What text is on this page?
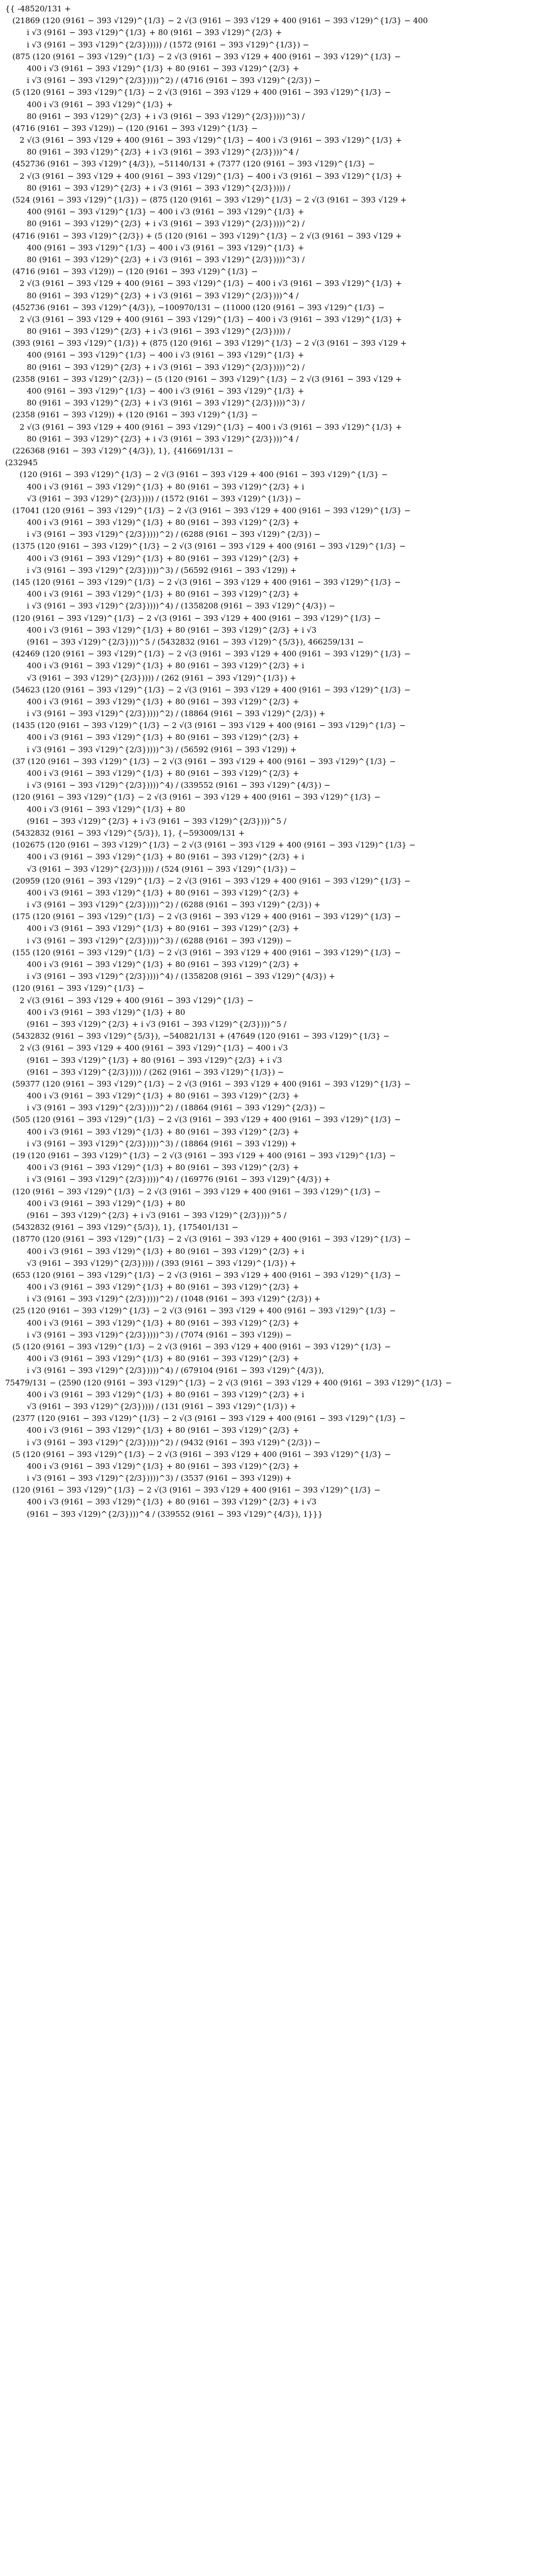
{{ -48520/131 +
(21869 (120 (9161 − 393 √129)^{1/3} − 2 √(3 (9161 − 393 √129 + 400 (9161 − 393 √129)^{1/3} − 400
i √3 (9161 − 393 √129)^{1/3} + 80 (9161 − 393 √129)^{2/3} +
i √3 (9161 − 393 √129)^{2/3}))))) / (1572 (9161 − 393 √129)^{1/3}) −
(875 (120 (9161 − 393 √129)^{1/3} − 2 √(3 (9161 − 393 √129 + 400 (9161 − 393 √129)^{1/3} −
400 i √3 (9161 − 393 √129)^{1/3} + 80 (9161 − 393 √129)^{2/3} +
i √3 (9161 − 393 √129)^{2/3}))))^2) / (4716 (9161 − 393 √129)^{2/3}) −
(5 (120 (9161 − 393 √129)^{1/3} − 2 √(3 (9161 − 393 √129 + 400 (9161 − 393 √129)^{1/3} −
400 i √3 (9161 − 393 √129)^{1/3} +
80 (9161 − 393 √129)^{2/3} + i √3 (9161 − 393 √129)^{2/3}))))^3) /
(4716 (9161 − 393 √129)) − (120 (9161 − 393 √129)^{1/3} −
2 √(3 (9161 − 393 √129 + 400 (9161 − 393 √129)^{1/3} − 400 i √3 (9161 − 393 √129)^{1/3} +
80 (9161 − 393 √129)^{2/3} + i √3 (9161 − 393 √129)^{2/3})))^4 /
(452736 (9161 − 393 √129)^{4/3}), −51140/131 + (7377 (120 (9161 − 393 √129)^{1/3} −
2 √(3 (9161 − 393 √129 + 400 (9161 − 393 √129)^{1/3} − 400 i √3 (9161 − 393 √129)^{1/3} +
80 (9161 − 393 √129)^{2/3} + i √3 (9161 − 393 √129)^{2/3})))) /
(524 (9161 − 393 √129)^{1/3}) − (875 (120 (9161 − 393 √129)^{1/3} − 2 √(3 (9161 − 393 √129 +
400 (9161 − 393 √129)^{1/3} − 400 i √3 (9161 − 393 √129)^{1/3} +
80 (9161 − 393 √129)^{2/3} + i √3 (9161 − 393 √129)^{2/3}))))^2) /
(4716 (9161 − 393 √129)^{2/3}) + (5 (120 (9161 − 393 √129)^{1/3} − 2 √(3 (9161 − 393 √129 +
400 (9161 − 393 √129)^{1/3} − 400 i √3 (9161 − 393 √129)^{1/3} +
80 (9161 − 393 √129)^{2/3} + i √3 (9161 − 393 √129)^{2/3}))))^3) /
(4716 (9161 − 393 √129)) − (120 (9161 − 393 √129)^{1/3} −
2 √(3 (9161 − 393 √129 + 400 (9161 − 393 √129)^{1/3} − 400 i √3 (9161 − 393 √129)^{1/3} +
80 (9161 − 393 √129)^{2/3} + i √3 (9161 − 393 √129)^{2/3})))^4 /
(452736 (9161 − 393 √129)^{4/3}), −100970/131 − (11000 (120 (9161 − 393 √129)^{1/3} −
2 √(3 (9161 − 393 √129 + 400 (9161 − 393 √129)^{1/3} − 400 i √3 (9161 − 393 √129)^{1/3} +
80 (9161 − 393 √129)^{2/3} + i √3 (9161 − 393 √129)^{2/3})))) /
(393 (9161 − 393 √129)^{1/3}) + (875 (120 (9161 − 393 √129)^{1/3} − 2 √(3 (9161 − 393 √129 +
400 (9161 − 393 √129)^{1/3} − 400 i √3 (9161 − 393 √129)^{1/3} +
80 (9161 − 393 √129)^{2/3} + i √3 (9161 − 393 √129)^{2/3}))))^2) /
(2358 (9161 − 393 √129)^{2/3}) − (5 (120 (9161 − 393 √129)^{1/3} − 2 √(3 (9161 − 393 √129 +
400 (9161 − 393 √129)^{1/3} − 400 i √3 (9161 − 393 √129)^{1/3} +
80 (9161 − 393 √129)^{2/3} + i √3 (9161 − 393 √129)^{2/3}))))^3) /
(2358 (9161 − 393 √129)) + (120 (9161 − 393 √129)^{1/3} −
2 √(3 (9161 − 393 √129 + 400 (9161 − 393 √129)^{1/3} − 400 i √3 (9161 − 393 √129)^{1/3} +
80 (9161 − 393 √129)^{2/3} + i √3 (9161 − 393 √129)^{2/3})))^4 /
(226368 (9161 − 393 √129)^{4/3}), 1}, {416691/131 −
(232945
(120 (9161 − 393 √129)^{1/3} − 2 √(3 (9161 − 393 √129 + 400 (9161 − 393 √129)^{1/3} −
400 i √3 (9161 − 393 √129)^{1/3} + 80 (9161 − 393 √129)^{2/3} + i
√3 (9161 − 393 √129)^{2/3})))) / (1572 (9161 − 393 √129)^{1/3}) −
(17041 (120 (9161 − 393 √129)^{1/3} − 2 √(3 (9161 − 393 √129 + 400 (9161 − 393 √129)^{1/3} −
400 i √3 (9161 − 393 √129)^{1/3} + 80 (9161 − 393 √129)^{2/3} +
i √3 (9161 − 393 √129)^{2/3}))))^2) / (6288 (9161 − 393 √129)^{2/3}) −
(1375 (120 (9161 − 393 √129)^{1/3} − 2 √(3 (9161 − 393 √129 + 400 (9161 − 393 √129)^{1/3} −
400 i √3 (9161 − 393 √129)^{1/3} + 80 (9161 − 393 √129)^{2/3} +
i √3 (9161 − 393 √129)^{2/3}))))^3) / (56592 (9161 − 393 √129)) +
(145 (120 (9161 − 393 √129)^{1/3} − 2 √(3 (9161 − 393 √129 + 400 (9161 − 393 √129)^{1/3} −
400 i √3 (9161 − 393 √129)^{1/3} + 80 (9161 − 393 √129)^{2/3} +
i √3 (9161 − 393 √129)^{2/3}))))^4) / (1358208 (9161 − 393 √129)^{4/3}) −
(120 (9161 − 393 √129)^{1/3} − 2 √(3 (9161 − 393 √129 + 400 (9161 − 393 √129)^{1/3} −
400 i √3 (9161 − 393 √129)^{1/3} + 80 (9161 − 393 √129)^{2/3} + i √3
(9161 − 393 √129)^{2/3})))^5 / (5432832 (9161 − 393 √129)^{5/3}), 466259/131 −
(42469 (120 (9161 − 393 √129)^{1/3} − 2 √(3 (9161 − 393 √129 + 400 (9161 − 393 √129)^{1/3} −
400 i √3 (9161 − 393 √129)^{1/3} + 80 (9161 − 393 √129)^{2/3} + i
√3 (9161 − 393 √129)^{2/3})))) / (262 (9161 − 393 √129)^{1/3}) +
(54623 (120 (9161 − 393 √129)^{1/3} − 2 √(3 (9161 − 393 √129 + 400 (9161 − 393 √129)^{1/3} −
400 i √3 (9161 − 393 √129)^{1/3} + 80 (9161 − 393 √129)^{2/3} +
i √3 (9161 − 393 √129)^{2/3}))))^2) / (18864 (9161 − 393 √129)^{2/3}) +
(1435 (120 (9161 − 393 √129)^{1/3} − 2 √(3 (9161 − 393 √129 + 400 (9161 − 393 √129)^{1/3} −
400 i √3 (9161 − 393 √129)^{1/3} + 80 (9161 − 393 √129)^{2/3} +
i √3 (9161 − 393 √129)^{2/3}))))^3) / (56592 (9161 − 393 √129)) +
(37 (120 (9161 − 393 √129)^{1/3} − 2 √(3 (9161 − 393 √129 + 400 (9161 − 393 √129)^{1/3} −
400 i √3 (9161 − 393 √129)^{1/3} + 80 (9161 − 393 √129)^{2/3} +
i √3 (9161 − 393 √129)^{2/3}))))^4) / (339552 (9161 − 393 √129)^{4/3}) −
(120 (9161 − 393 √129)^{1/3} − 2 √(3 (9161 − 393 √129 + 400 (9161 − 393 √129)^{1/3} −
400 i √3 (9161 − 393 √129)^{1/3} + 80
(9161 − 393 √129)^{2/3} + i √3 (9161 − 393 √129)^{2/3})))^5 /
(5432832 (9161 − 393 √129)^{5/3}), 1}, {−593009/131 +
(102675 (120 (9161 − 393 √129)^{1/3} − 2 √(3 (9161 − 393 √129 + 400 (9161 − 393 √129)^{1/3} −
400 i √3 (9161 − 393 √129)^{1/3} + 80 (9161 − 393 √129)^{2/3} + i
√3 (9161 − 393 √129)^{2/3})))) / (524 (9161 − 393 √129)^{1/3}) −
(20959 (120 (9161 − 393 √129)^{1/3} − 2 √(3 (9161 − 393 √129 + 400 (9161 − 393 √129)^{1/3} −
400 i √3 (9161 − 393 √129)^{1/3} + 80 (9161 − 393 √129)^{2/3} +
i √3 (9161 − 393 √129)^{2/3}))))^2) / (6288 (9161 − 393 √129)^{2/3}) +
(175 (120 (9161 − 393 √129)^{1/3} − 2 √(3 (9161 − 393 √129 + 400 (9161 − 393 √129)^{1/3} −
400 i √3 (9161 − 393 √129)^{1/3} + 80 (9161 − 393 √129)^{2/3} +
i √3 (9161 − 393 √129)^{2/3}))))^3) / (6288 (9161 − 393 √129)) −
(155 (120 (9161 − 393 √129)^{1/3} − 2 √(3 (9161 − 393 √129 + 400 (9161 − 393 √129)^{1/3} −
400 i √3 (9161 − 393 √129)^{1/3} + 80 (9161 − 393 √129)^{2/3} +
i √3 (9161 − 393 √129)^{2/3}))))^4) / (1358208 (9161 − 393 √129)^{4/3}) +
(120 (9161 − 393 √129)^{1/3} −
2 √(3 (9161 − 393 √129 + 400 (9161 − 393 √129)^{1/3} −
400 i √3 (9161 − 393 √129)^{1/3} + 80
(9161 − 393 √129)^{2/3} + i √3 (9161 − 393 √129)^{2/3})))^5 /
(5432832 (9161 − 393 √129)^{5/3}), −540821/131 + (47649 (120 (9161 − 393 √129)^{1/3} −
2 √(3 (9161 − 393 √129 + 400 (9161 − 393 √129)^{1/3} − 400 i √3
(9161 − 393 √129)^{1/3} + 80 (9161 − 393 √129)^{2/3} + i √3
(9161 − 393 √129)^{2/3})))) / (262 (9161 − 393 √129)^{1/3}) −
(59377 (120 (9161 − 393 √129)^{1/3} − 2 √(3 (9161 − 393 √129 + 400 (9161 − 393 √129)^{1/3} −
400 i √3 (9161 − 393 √129)^{1/3} + 80 (9161 − 393 √129)^{2/3} +
i √3 (9161 − 393 √129)^{2/3}))))^2) / (18864 (9161 − 393 √129)^{2/3}) −
(505 (120 (9161 − 393 √129)^{1/3} − 2 √(3 (9161 − 393 √129 + 400 (9161 − 393 √129)^{1/3} −
400 i √3 (9161 − 393 √129)^{1/3} + 80 (9161 − 393 √129)^{2/3} +
i √3 (9161 − 393 √129)^{2/3}))))^3) / (18864 (9161 − 393 √129)) +
(19 (120 (9161 − 393 √129)^{1/3} − 2 √(3 (9161 − 393 √129 + 400 (9161 − 393 √129)^{1/3} −
400 i √3 (9161 − 393 √129)^{1/3} + 80 (9161 − 393 √129)^{2/3} +
i √3 (9161 − 393 √129)^{2/3}))))^4) / (169776 (9161 − 393 √129)^{4/3}) +
(120 (9161 − 393 √129)^{1/3} − 2 √(3 (9161 − 393 √129 + 400 (9161 − 393 √129)^{1/3} −
400 i √3 (9161 − 393 √129)^{1/3} + 80
(9161 − 393 √129)^{2/3} + i √3 (9161 − 393 √129)^{2/3})))^5 /
(5432832 (9161 − 393 √129)^{5/3}), 1}, {175401/131 −
(18770 (120 (9161 − 393 √129)^{1/3} − 2 √(3 (9161 − 393 √129 + 400 (9161 − 393 √129)^{1/3} −
400 i √3 (9161 − 393 √129)^{1/3} + 80 (9161 − 393 √129)^{2/3} + i
√3 (9161 − 393 √129)^{2/3})))) / (393 (9161 − 393 √129)^{1/3}) +
(653 (120 (9161 − 393 √129)^{1/3} − 2 √(3 (9161 − 393 √129 + 400 (9161 − 393 √129)^{1/3} −
400 i √3 (9161 − 393 √129)^{1/3} + 80 (9161 − 393 √129)^{2/3} +
i √3 (9161 − 393 √129)^{2/3}))))^2) / (1048 (9161 − 393 √129)^{2/3}) +
(25 (120 (9161 − 393 √129)^{1/3} − 2 √(3 (9161 − 393 √129 + 400 (9161 − 393 √129)^{1/3} −
400 i √3 (9161 − 393 √129)^{1/3} + 80 (9161 − 393 √129)^{2/3} +
i √3 (9161 − 393 √129)^{2/3}))))^3) / (7074 (9161 − 393 √129)) −
(5 (120 (9161 − 393 √129)^{1/3} − 2 √(3 (9161 − 393 √129 + 400 (9161 − 393 √129)^{1/3} −
400 i √3 (9161 − 393 √129)^{1/3} + 80 (9161 − 393 √129)^{2/3} +
i √3 (9161 − 393 √129)^{2/3}))))^4) / (679104 (9161 − 393 √129)^{4/3}),
75479/131 − (2590 (120 (9161 − 393 √129)^{1/3} − 2 √(3 (9161 − 393 √129 + 400 (9161 − 393 √129)^{1/3} −
400 i √3 (9161 − 393 √129)^{1/3} + 80 (9161 − 393 √129)^{2/3} + i
√3 (9161 − 393 √129)^{2/3})))) / (131 (9161 − 393 √129)^{1/3}) +
(2377 (120 (9161 − 393 √129)^{1/3} − 2 √(3 (9161 − 393 √129 + 400 (9161 − 393 √129)^{1/3} −
400 i √3 (9161 − 393 √129)^{1/3} + 80 (9161 − 393 √129)^{2/3} +
i √3 (9161 − 393 √129)^{2/3}))))^2) / (9432 (9161 − 393 √129)^{2/3}) −
(5 (120 (9161 − 393 √129)^{1/3} − 2 √(3 (9161 − 393 √129 + 400 (9161 − 393 √129)^{1/3} −
400 i √3 (9161 − 393 √129)^{1/3} + 80 (9161 − 393 √129)^{2/3} +
i √3 (9161 − 393 √129)^{2/3}))))^3) / (3537 (9161 − 393 √129)) +
(120 (9161 − 393 √129)^{1/3} − 2 √(3 (9161 − 393 √129 + 400 (9161 − 393 √129)^{1/3} −
400 i √3 (9161 − 393 √129)^{1/3} + 80 (9161 − 393 √129)^{2/3} + i √3
(9161 − 393 √129)^{2/3})))^4 / (339552 (9161 − 393 √129)^{4/3}), 1}}}
